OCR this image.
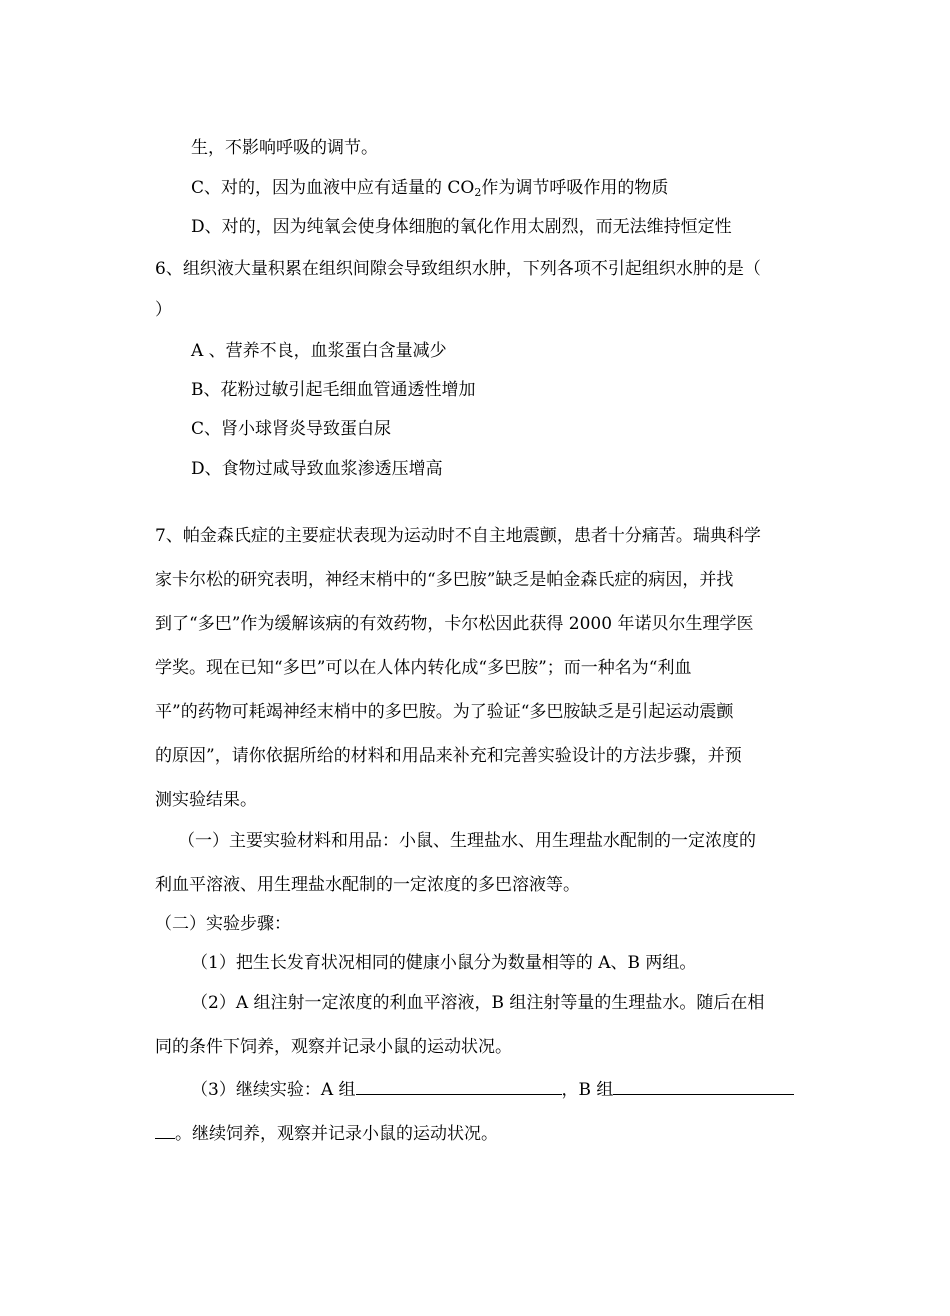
生，不影响呼吸的调节。
C、对的，因为血液中应有适量的 $CO_2$作为调节呼吸作用的物质
D、对的，因为纯氧会使身体细胞的氧化作用太剧烈，而无法维持恒定性
6、组织液大量积累在组织间隙会导致组织水肿，下列各项不引起组织水肿的是（
）
A 、营养不良，血浆蛋白含量减少
B、花粉过敏引起毛细血管通透性增加
C、肾小球肾炎导致蛋白尿
D、食物过咸导致血浆渗透压增高
7、帕金森氏症的主要症状表现为运动时不自主地震颤，患者十分痛苦。瑞典科学
家卡尔松的研究表明，神经末梢中的“多巴胺”缺乏是帕金森氏症的病因，并找
到了“多巴”作为缓解该病的有效药物，卡尔松因此获得 2000 年诺贝尔生理学医
学奖。现在已知“多巴”可以在人体内转化成“多巴胺”；而一种名为“利血
平”的药物可耗竭神经末梢中的多巴胺。为了验证“多巴胺缺乏是引起运动震颤
的原因”，请你依据所给的材料和用品来补充和完善实验设计的方法步骤，并预
测实验结果。
（一）主要实验材料和用品：小鼠、生理盐水、用生理盐水配制的一定浓度的
利血平溶液、用生理盐水配制的一定浓度的多巴溶液等。
（二）实验步骤：
（1）把生长发育状况相同的健康小鼠分为数量相等的 A、B 两组。
（2）A 组注射一定浓度的利血平溶液，B 组注射等量的生理盐水。随后在相
同的条件下饲养，观察并记录小鼠的运动状况。
（3）继续实验：A 组	，B 组
。继续饲养，观察并记录小鼠的运动状况。
